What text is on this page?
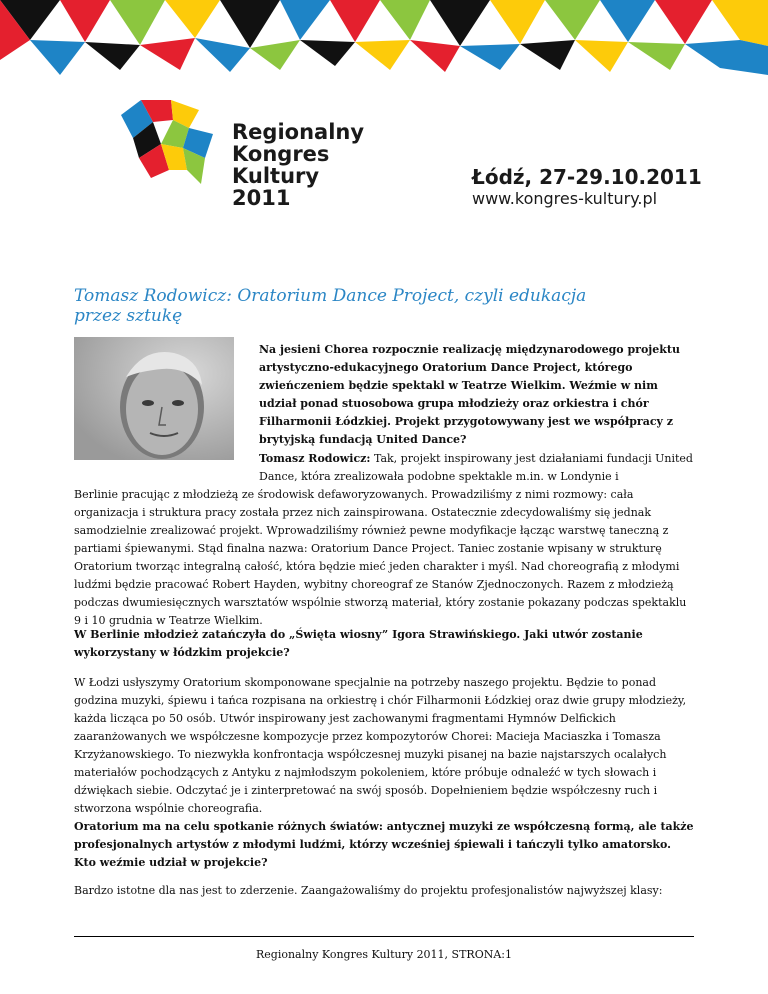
Regionalny
Kongres
Kultury
2011
Łódź, 27-29.10.2011
www.kongres-kultury.pl
Tomasz Rodowicz: Oratorium Dance Project, czyli edukacja przez sztukę
Na jesieni Chorea rozpocznie realizację międzynarodowego projektu artystyczno-edukacyjnego Oratorium Dance Project, którego zwieńczeniem będzie spektakl w Teatrze Wielkim. Weźmie w nim udział ponad stuosobowa grupa młodzieży oraz orkiestra i chór Filharmonii Łódzkiej. Projekt przygotowywany jest we współpracy z brytyjską fundacją United Dance?
Tomasz Rodowicz: Tak, projekt inspirowany jest działaniami fundacji United Dance, która zrealizowała podobne spektakle m.in. w Londynie i
Berlinie pracując z młodzieżą ze środowisk defaworyzowanych. Prowadziliśmy z nimi rozmowy: cała organizacja i struktura pracy została przez nich zainspirowana. Ostatecznie zdecydowaliśmy się jednak samodzielnie zrealizować projekt. Wprowadziliśmy również pewne modyfikacje łącząc warstwę taneczną z partiami śpiewanymi. Stąd finalna nazwa: Oratorium Dance Project. Taniec zostanie wpisany w strukturę Oratorium tworząc integralną całość, która będzie mieć jeden charakter i myśl. Nad choreografią z młodymi ludźmi będzie pracować Robert Hayden, wybitny choreograf ze Stanów Zjednoczonych. Razem z młodzieżą podczas dwumiesięcznych warsztatów wspólnie stworzą materiał, który zostanie pokazany podczas spektaklu 9 i 10 grudnia w Teatrze Wielkim.
W Berlinie młodzież zatańczyła do „Święta wiosny” Igora Strawińskiego. Jaki utwór zostanie wykorzystany w łódzkim projekcie?
W Łodzi usłyszymy Oratorium skomponowane specjalnie na potrzeby naszego projektu. Będzie to ponad godzina muzyki, śpiewu i tańca rozpisana na orkiestrę i chór Filharmonii Łódzkiej oraz dwie grupy młodzieży, każda licząca po 50 osób. Utwór inspirowany jest zachowanymi fragmentami Hymnów Delfickich zaaranżowanych we współczesne kompozycje przez kompozytorów Chorei: Macieja Maciaszka i Tomasza Krzyżanowskiego. To niezwykła konfrontacja współczesnej muzyki pisanej na bazie najstarszych ocalałych materiałów pochodzących z Antyku z najmłodszym pokoleniem, które próbuje odnaleźć w tych słowach i dźwiękach siebie. Odczytać je i zinterpretować na swój sposób. Dopełnieniem będzie współczesny ruch i stworzona wspólnie choreografia.
Oratorium ma na celu spotkanie różnych światów: antycznej muzyki ze współczesną formą, ale także profesjonalnych artystów z młodymi ludźmi, którzy wcześniej śpiewali i tańczyli tylko amatorsko. Kto weźmie udział w projekcie?
Bardzo istotne dla nas jest to zderzenie. Zaangażowaliśmy do projektu profesjonalistów najwyższej klasy:
Regionalny Kongres Kultury 2011, STRONA:1
